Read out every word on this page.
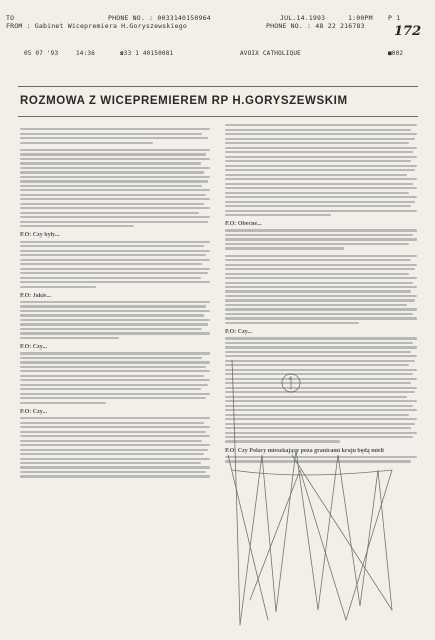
TO	PHONE NO. : 0033140150964	JUL.14.1993	1:00PM P 1
FROM : Gabinet Wicepremiera H.Goryszewskiego	PHONE NO. : 48 22 216783 172
05 07 '93	14:36	☎33 1 40150081	AVOIX CATHOLIQUE	■002
ROZMOWA Z WICEPREMIEREM RP H.GORYSZEWSKIM
P.O: Czy były...
P.O: Jakie...
P.O: Czy...
P.O: Czy...
P.O: Obecne...
P.O: Czy...
P.O: Czy Polacy mieszkający poza granicami kraju będą mieli
